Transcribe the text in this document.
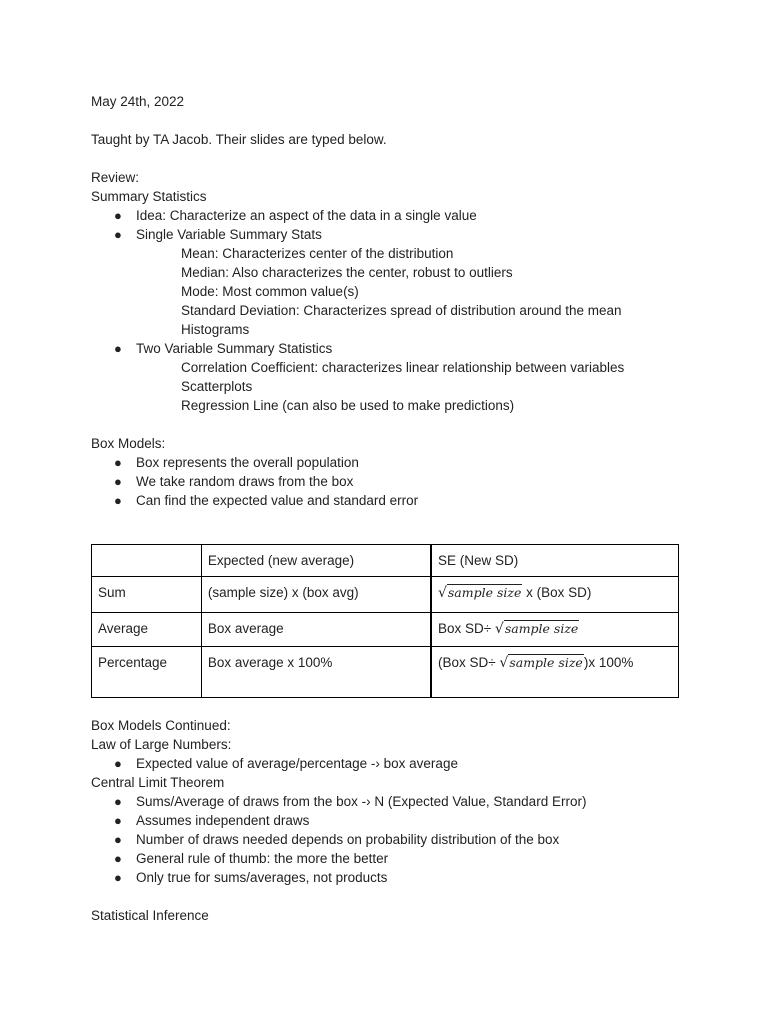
May 24th, 2022
Taught by TA Jacob. Their slides are typed below.
Review:
Summary Statistics
● Idea: Characterize an aspect of the data in a single value
● Single Variable Summary Stats
Mean: Characterizes center of the distribution
Median: Also characterizes the center, robust to outliers
Mode: Most common value(s)
Standard Deviation: Characterizes spread of distribution around the mean
Histograms
● Two Variable Summary Statistics
Correlation Coefficient: characterizes linear relationship between variables
Scatterplots
Regression Line (can also be used to make predictions)
Box Models:
● Box represents the overall population
● We take random draws from the box
● Can find the expected value and standard error
	Expected (new average)	SE (New SD)
Sum	(sample size) x (box avg)	√sample size x (Box SD)
Average	Box average	Box SD÷ √sample size
Percentage	Box average x 100%	(Box SD÷ √sample size)x 100%
Box Models Continued:
Law of Large Numbers:
● Expected value of average/percentage -› box average
Central Limit Theorem
● Sums/Average of draws from the box -› N (Expected Value, Standard Error)
● Assumes independent draws
● Number of draws needed depends on probability distribution of the box
● General rule of thumb: the more the better
● Only true for sums/averages, not products
Statistical Inference
